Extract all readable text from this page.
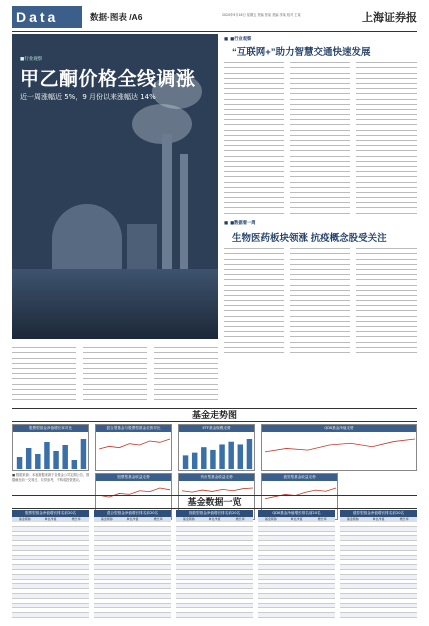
Data	数据·图表 /A6	2020年9月18日 星期五 责编 张某 美编 李某 校对 王某	上海证券报
■行业观察
甲乙酮价格全线调涨
近一周涨幅近 5%，9 月份以来涨幅达 14%
■ ■行业观察
“互联网+”助力智慧交通快速发展
■ ■数据看一周
生物医药板块领涨 抗疫概念股受关注
基金走势图
股票型基金净值增长率对比	混合型基金与股票型基金走势对比	ETF基金规模走势	QDII基金净值走势
股票型基金收益走势	货币型基金收益走势	债券型基金收益走势
■ 数据来源：本表数据来源于各基金公司定期公告，数据截至前一交易日，仅供参考，不构成投资建议。
基金数据一览
股票型基金净值增长排名前20名
基金简称	单位净值	增长率
混合型基金净值增长排名前20名
基金简称	单位净值	增长率
指数型基金净值增长排名前20名
基金简称	单位净值	增长率
QDII基金净值增长排名前20名
基金简称	单位净值	增长率
债券型基金净值增长排名前20名
基金简称	单位净值	增长率
